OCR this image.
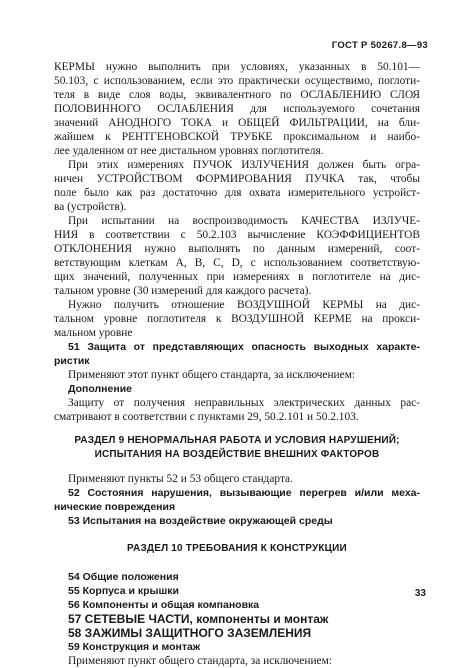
ГОСТ Р 50267.8—93
КЕРМЫ нужно выполнить при условиях, указанных в 50.101—
50.103, с использованием, если это практически осуществимо, поглоти-
теля в виде слоя воды, эквивалентного по ОСЛАБЛЕНИЮ СЛОЯ
ПОЛОВИННОГО ОСЛАБЛЕНИЯ для используемого сочетания
значений АНОДНОГО ТОКА и ОБЩЕЙ ФИЛЬТРАЦИИ, на бли-
жайшем к РЕНТГЕНОВСКОЙ ТРУБКЕ проксимальном и наибо-
лее удаленном от нее дистальном уровнях поглотителя.
При этих измерениях ПУЧОК ИЗЛУЧЕНИЯ должен быть огра-
ничен УСТРОЙСТВОМ ФОРМИРОВАНИЯ ПУЧКА так, чтобы
поле было как раз достаточно для охвата измерительного устройст-
ва (устройств).
При испытании на воспроизводимость КАЧЕСТВА ИЗЛУЧЕ-
НИЯ в соответствии с 50.2.103 вычисление КОЭФФИЦИЕНТОВ
ОТКЛОНЕНИЯ нужно выполнять по данным измерений, соот-
ветствующим клеткам A, B, C, D, с использованием соответствую-
щих значений, полученных при измерениях в поглотителе на дис-
тальном уровне (30 измерений для каждого расчета).
Нужно получить отношение ВОЗДУШНОЙ КЕРМЫ на дис-
тальном уровне поглотителя к ВОЗДУШНОЙ КЕРМЕ на прокси-
мальном уровне
51 Защита от представляющих опасность выходных характе-
ристик
Применяют этот пункт общего стандарта, за исключением:
Дополнение
Защиту от получения неправильных электрических данных рас-
сматривают в соответствии с пунктами 29, 50.2.101 и 50.2.103.
РАЗДЕЛ 9 НЕНОРМАЛЬНАЯ РАБОТА И УСЛОВИЯ НАРУШЕНИЙ;
ИСПЫТАНИЯ НА ВОЗДЕЙСТВИЕ ВНЕШНИХ ФАКТОРОВ
Применяют пункты 52 и 53 общего стандарта.
52 Состояния нарушения, вызывающие перегрев и/или меха-
нические повреждения
53 Испытания на воздействие окружающей среды
РАЗДЕЛ 10 ТРЕБОВАНИЯ К КОНСТРУКЦИИ
54 Общие положения
55 Корпуса и крышки
56 Компоненты и общая компановка
57 СЕТЕВЫЕ ЧАСТИ, компоненты и монтаж
58 ЗАЖИМЫ ЗАЩИТНОГО ЗАЗЕМЛЕНИЯ
59 Конструкция и монтаж
Применяют пункт общего стандарта, за исключением:
33
